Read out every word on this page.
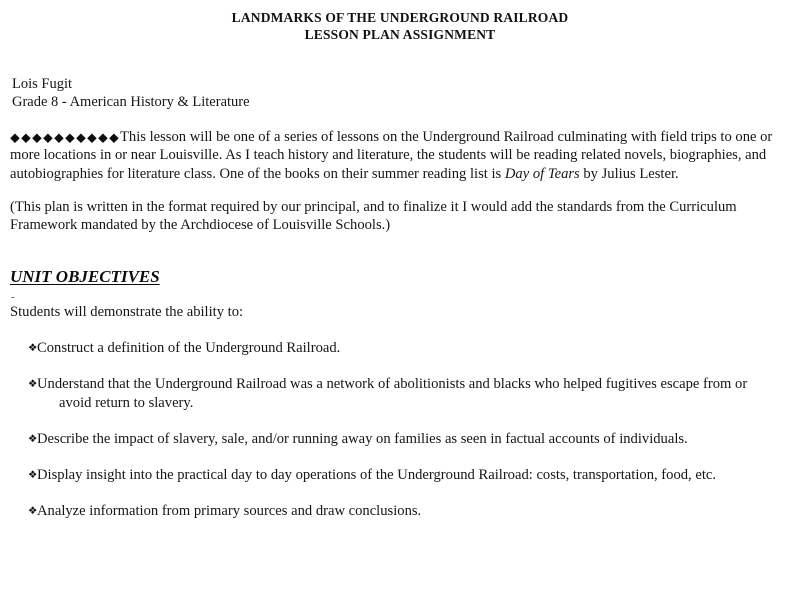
LANDMARKS OF THE UNDERGROUND RAILROAD
LESSON PLAN ASSIGNMENT
Lois Fugit
Grade 8 - American History & Literature

◆◆◆◆◆◆◆◆◆◆This lesson will be one of a series of lessons on the Underground Railroad culminating with field trips to one or more locations in or near Louisville. As I teach history and literature, the students will be reading related novels, biographies, and autobiographies for literature class. One of the books on their summer reading list is Day of Tears by Julius Lester.

(This plan is written in the format required by our principal, and to finalize it I would add the standards from the Curriculum Framework mandated by the Archdiocese of Louisville Schools.)

UNIT OBJECTIVES
-
Students will demonstrate the ability to:
❖ Construct a definition of the Underground Railroad.
❖ Understand that the Underground Railroad was a network of abolitionists and blacks who helped fugitives escape from or
avoid return to slavery.
❖ Describe the impact of slavery, sale, and/or running away on families as seen in factual accounts of individuals.
❖ Display insight into the practical day to day operations of the Underground Railroad: costs, transportation, food, etc.
❖ Analyze information from primary sources and draw conclusions.
